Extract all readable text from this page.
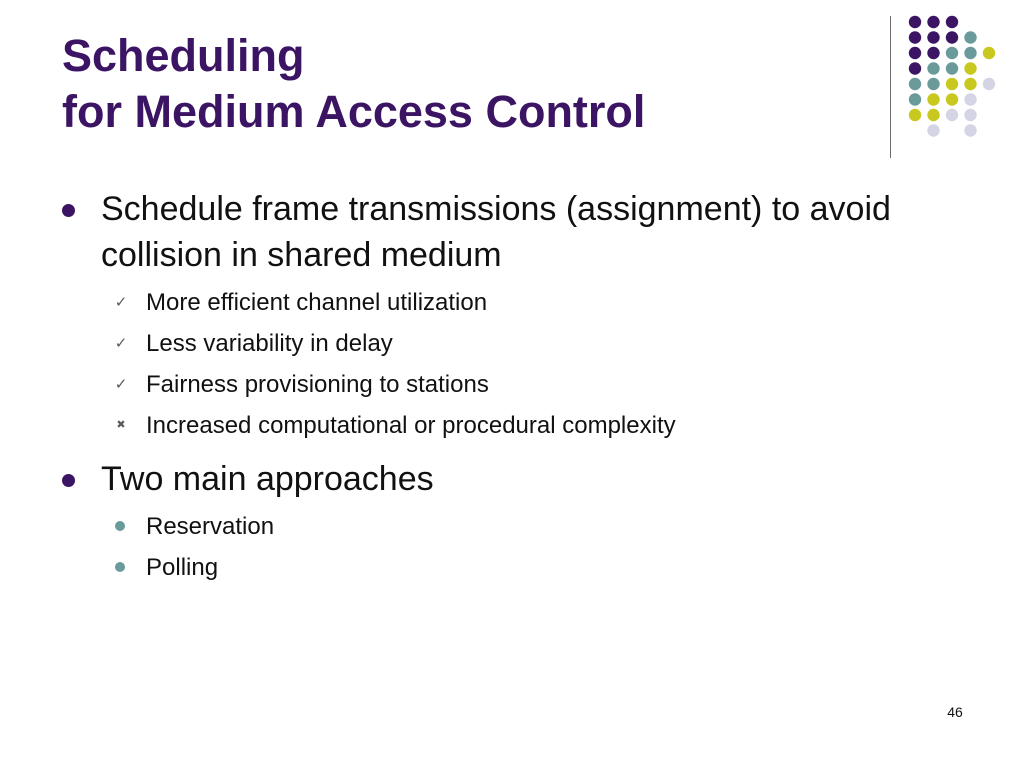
Scheduling
for Medium Access Control
Schedule frame transmissions (assignment) to avoid collision in shared medium
✓ More efficient channel utilization
✓ Less variability in delay
✓ Fairness provisioning to stations
✖ Increased computational or procedural complexity
Two main approaches
Reservation
Polling
46
